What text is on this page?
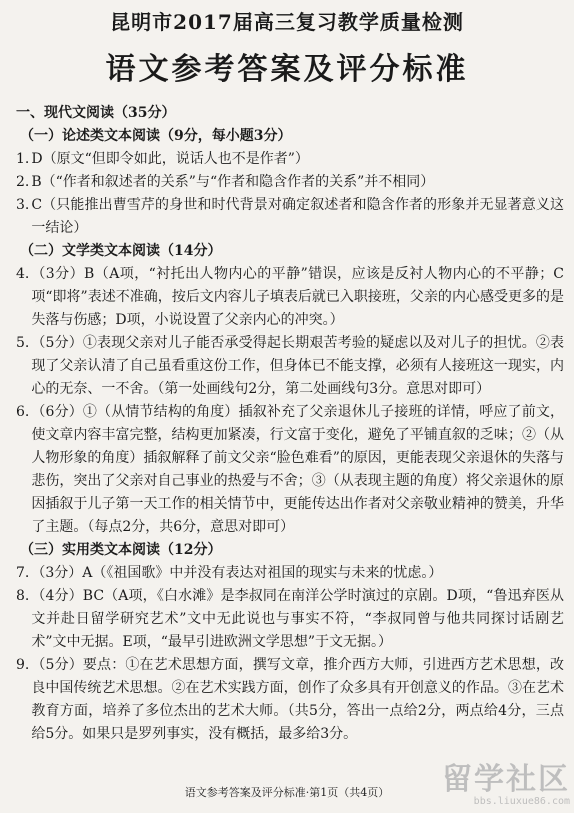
昆明市2017届高三复习教学质量检测
语文参考答案及评分标准

一、现代文阅读（35分）

（一）论述类文本阅读（9分，每小题3分）

1. D（原文“但即令如此，说话人也不是作者”）
2. B（“作者和叙述者的关系”与“作者和隐含作者的关系”并不相同）
3. C（只能推出曹雪芹的身世和时代背景对确定叙述者和隐含作者的形象并无显著意义这一结论）

（二）文学类文本阅读（14分）

4. （3分）B（A项，“衬托出人物内心的平静”错误，应该是反衬人物内心的不平静；C项“即将”表述不准确，按后文内容儿子填表后就已入职接班，父亲的内心感受更多的是失落与伤感；D项，小说设置了父亲内心的冲突。）
5. （5分）①表现父亲对儿子能否承受得起长期艰苦考验的疑虑以及对儿子的担忧。②表现了父亲认清了自己虽看重这份工作，但身体已不能支撑，必须有人接班这一现实，内心的无奈、一不舍。（第一处画线句2分，第二处画线句3分。意思对即可）
6. （6分）①（从情节结构的角度）插叙补充了父亲退休儿子接班的详情，呼应了前文，使文章内容丰富完整，结构更加紧凑，行文富于变化，避免了平铺直叙的乏味；②（从人物形象的角度）插叙解释了前文父亲“脸色难看”的原因，更能表现父亲退休的失落与悲伤，突出了父亲对自己事业的热爱与不舍；③（从表现主题的角度）将父亲退休的原因插叙于儿子第一天工作的相关情节中，更能传达出作者对父亲敬业精神的赞美，升华了主题。（每点2分，共6分，意思对即可）

（三）实用类文本阅读（12分）

7. （3分）A（《祖国歌》中并没有表达对祖国的现实与未来的忧虑。）
8. （4分）BC（A项，《白水滩》是李叔同在南洋公学时演过的京剧。D项，“鲁迅弃医从文并赴日留学研究艺术”文中无此说也与事实不符，“李叔同曾与他共同探讨话剧艺术”文中无据。E项，“最早引进欧洲文学思想”于文无据。）
9. （5分）要点：①在艺术思想方面，撰写文章，推介西方大师，引进西方艺术思想，改良中国传统艺术思想。②在艺术实践方面，创作了众多具有开创意义的作品。③在艺术教育方面，培养了多位杰出的艺术大师。（共5分，答出一点给2分，两点给4分，三点给5分。如果只是罗列事实，没有概括，最多给3分。
语文参考答案及评分标准·第1页（共4页）	留学社区
bbs.liuxue86.com
